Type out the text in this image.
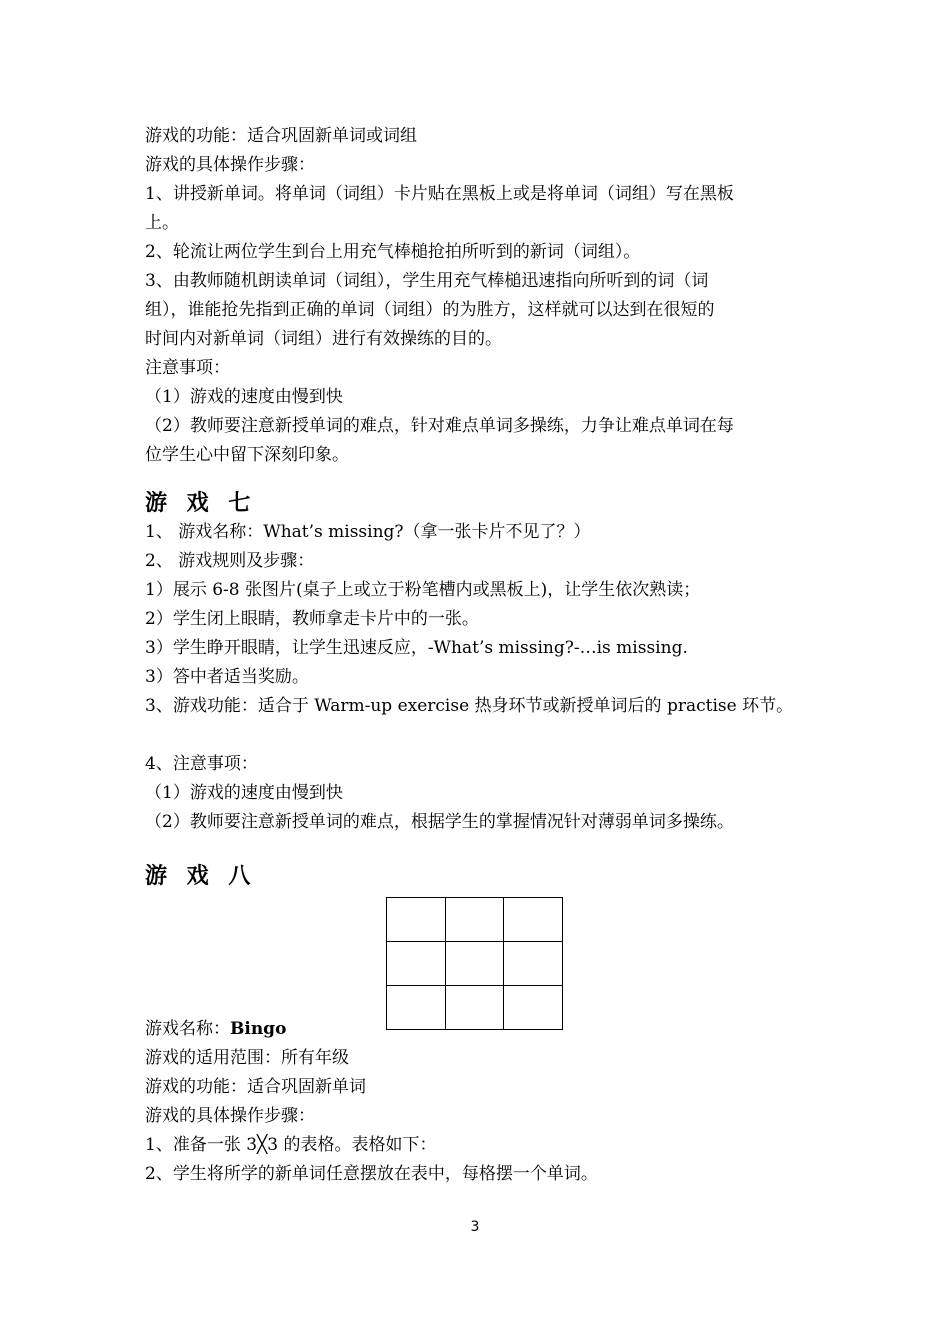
游戏的功能：适合巩固新单词或词组
游戏的具体操作步骤：
1、讲授新单词。将单词（词组）卡片贴在黑板上或是将单词（词组）写在黑板
上。
2、轮流让两位学生到台上用充气棒槌抢拍所听到的新词（词组）。
3、由教师随机朗读单词（词组），学生用充气棒槌迅速指向所听到的词（词
组），谁能抢先指到正确的单词（词组）的为胜方，这样就可以达到在很短的
时间内对新单词（词组）进行有效操练的目的。
注意事项：
（1）游戏的速度由慢到快
（2）教师要注意新授单词的难点，针对难点单词多操练，力争让难点单词在每
位学生心中留下深刻印象。
游 戏 七
1、 游戏名称：What’s missing?（拿一张卡片不见了？）
2、 游戏规则及步骤：
1）展示 6-8 张图片(桌子上或立于粉笔槽内或黑板上)，让学生依次熟读；
2）学生闭上眼睛，教师拿走卡片中的一张。
3）学生睁开眼睛，让学生迅速反应，-What’s missing?-…is missing.
3）答中者适当奖励。
3、游戏功能：适合于 Warm-up exercise 热身环节或新授单词后的 practise 环节。
4、注意事项：
（1）游戏的速度由慢到快
（2）教师要注意新授单词的难点，根据学生的掌握情况针对薄弱单词多操练。
游 戏 八
游戏名称：Bingo
游戏的适用范围：所有年级
游戏的功能：适合巩固新单词
游戏的具体操作步骤：
1、准备一张 3╳3 的表格。表格如下：
2、学生将所学的新单词任意摆放在表中，每格摆一个单词。
3
